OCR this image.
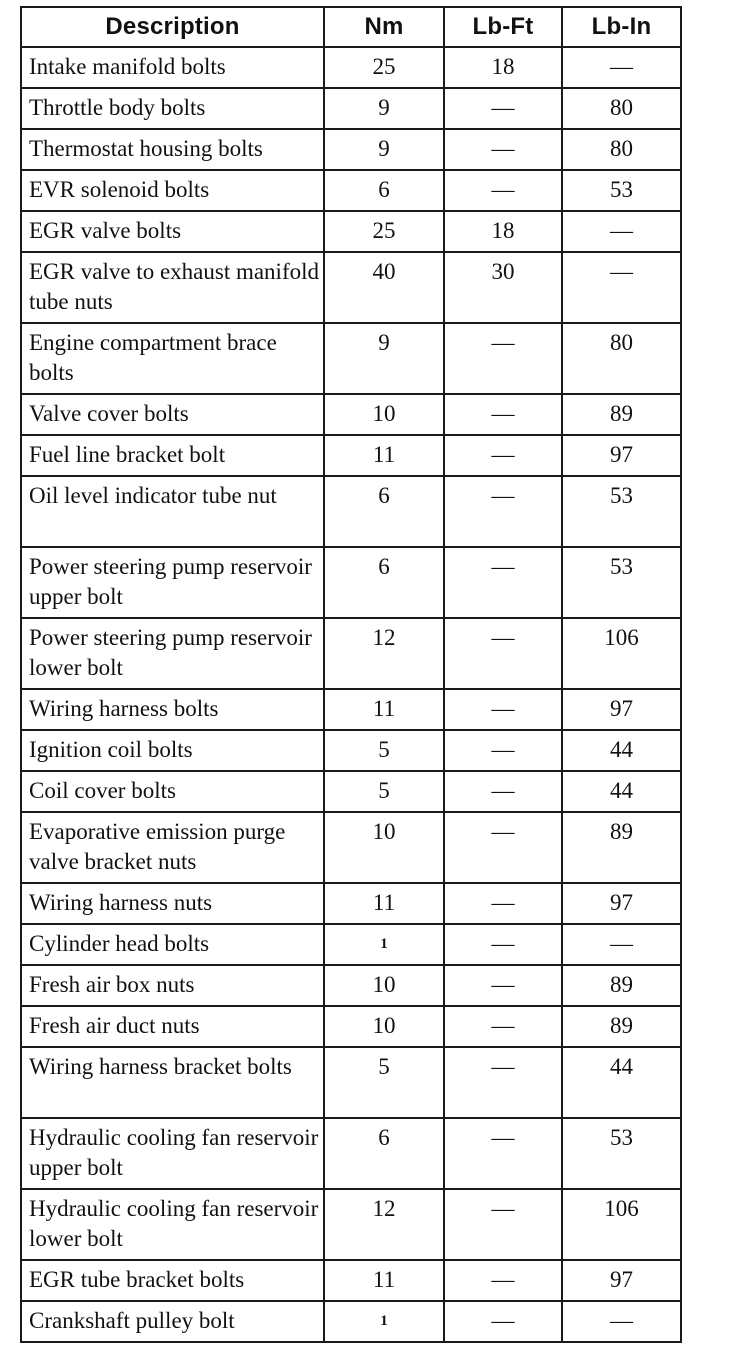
Description	Nm	Lb-Ft	Lb-In
Intake manifold bolts	25	18	—
Throttle body bolts	9	—	80
Thermostat housing bolts	9	—	80
EVR solenoid bolts	6	—	53
EGR valve bolts	25	18	—
EGR valve to exhaust manifold tube nuts	40	30	—
Engine compartment brace bolts	9	—	80
Valve cover bolts	10	—	89
Fuel line bracket bolt	11	—	97
Oil level indicator tube nut	6	—	53
Power steering pump reservoir upper bolt	6	—	53
Power steering pump reservoir lower bolt	12	—	106
Wiring harness bolts	11	—	97
Ignition coil bolts	5	—	44
Coil cover bolts	5	—	44
Evaporative emission purge valve bracket nuts	10	—	89
Wiring harness nuts	11	—	97
Cylinder head bolts	1	—	—
Fresh air box nuts	10	—	89
Fresh air duct nuts	10	—	89
Wiring harness bracket bolts	5	—	44
Hydraulic cooling fan reservoir upper bolt	6	—	53
Hydraulic cooling fan reservoir lower bolt	12	—	106
EGR tube bracket bolts	11	—	97
Crankshaft pulley bolt	1	—	—
